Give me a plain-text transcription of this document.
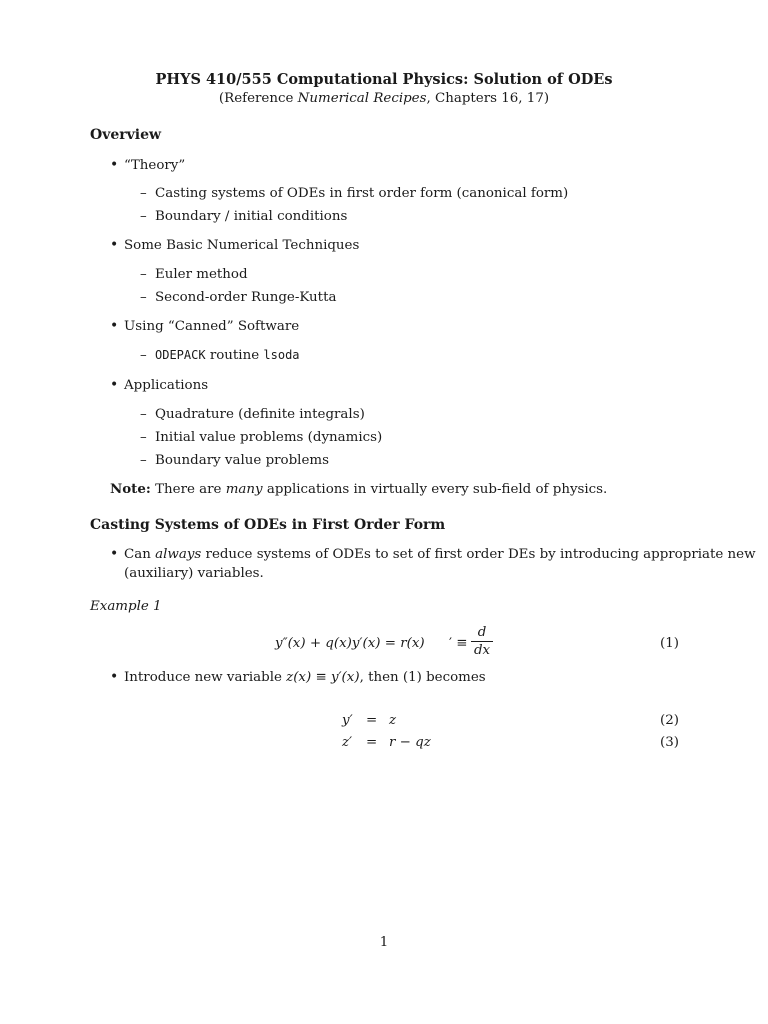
PHYS 410/555 Computational Physics: Solution of ODEs
(Reference Numerical Recipes, Chapters 16, 17)
Overview
• “Theory”
– Casting systems of ODEs in first order form (canonical form)
– Boundary / initial conditions
• Some Basic Numerical Techniques
– Euler method
– Second-order Runge-Kutta
• Using “Canned” Software
– ODEPACK routine lsoda
• Applications
– Quadrature (definite integrals)
– Initial value problems (dynamics)
– Boundary value problems
Note: There are many applications in virtually every sub-field of physics.
Casting Systems of ODEs in First Order Form
• Can always reduce systems of ODEs to set of first order DEs by introducing appropriate new
(auxiliary) variables.
Example 1
y″(x) + q(x)y′(x) = r(x) ′ ≡
d
dx	(1)
• Introduce new variable z(x) ≡ y′(x), then (1) becomes
y′ = z	(2)
z′ = r − qz	(3)
1
